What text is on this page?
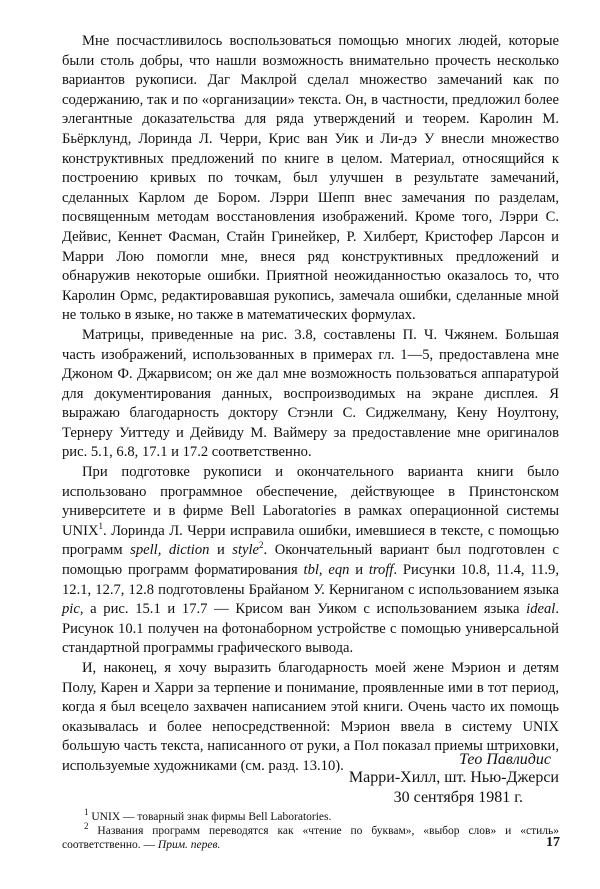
Мне посчастливилось воспользоваться помощью многих людей, которые были столь добры, что нашли возможность внимательно прочесть несколько вариантов рукописи. Даг Маклрой сделал множество замечаний как по содержанию, так и по «организации» текста. Он, в частности, предложил более элегантные доказательства для ряда утверждений и теорем. Каролин М. Бьёрклунд, Лоринда Л. Черри, Крис ван Уик и Ли-дэ У внесли множество конструктивных предложений по книге в целом. Материал, относящийся к построению кривых по точкам, был улучшен в результате замечаний, сделанных Карлом де Бором. Лэрри Шепп внес замечания по разделам, посвященным методам восстановления изображений. Кроме того, Лэрри С. Дейвис, Кеннет Фасман, Стайн Гринейкер, Р. Хилберт, Кристофер Ларсон и Марри Лою помогли мне, внеся ряд конструктивных предложений и обнаружив некоторые ошибки. Приятной неожиданностью оказалось то, что Каролин Ормс, редактировавшая рукопись, замечала ошибки, сделанные мной не только в языке, но также в математических формулах.

Матрицы, приведенные на рис. 3.8, составлены П. Ч. Чжянем. Большая часть изображений, использованных в примерах гл. 1—5, предоставлена мне Джоном Ф. Джарвисом; он же дал мне возможность пользоваться аппаратурой для документирования данных, воспроизводимых на экране дисплея. Я выражаю благодарность доктору Стэнли С. Сиджелману, Кену Ноултону, Тернеру Уиттеду и Дейвиду М. Ваймеру за предоставление мне оригиналов рис. 5.1, 6.8, 17.1 и 17.2 соответственно.

При подготовке рукописи и окончательного варианта книги было использовано программное обеспечение, действующее в Принстонском университете и в фирме Bell Laboratories в рамках операционной системы UNIX$^1$. Лоринда Л. Черри исправила ошибки, имевшиеся в тексте, с помощью программ spell, diction и style$^2$. Окончательный вариант был подготовлен с помощью программ форматирования tbl, eqn и troff. Рисунки 10.8, 11.4, 11.9, 12.1, 12.7, 12.8 подготовлены Брайаном У. Керниганом с использованием языка pic, а рис. 15.1 и 17.7 — Крисом ван Уиком с использованием языка ideal. Рисунок 10.1 получен на фотонаборном устройстве с помощью универсальной стандартной программы графического вывода.

И, наконец, я хочу выразить благодарность моей жене Мэрион и детям Полу, Карен и Харри за терпение и понимание, проявленные ими в тот период, когда я был всецело захвачен написанием этой книги. Очень часто их помощь оказывалась и более непосредственной: Мэрион ввела в систему UNIX большую часть текста, написанного от руки, а Пол показал приемы штриховки, используемые художниками (см. разд. 13.10).	Тео Павлидис
Марри-Хилл, шт. Нью-Джерси
30 сентября 1981 г.

$^1$ UNIX — товарный знак фирмы Bell Laboratories.

$^2$ Названия программ переводятся как «чтение по буквам», «выбор слов» и «стиль» соответственно. — Прим. перев.	17
